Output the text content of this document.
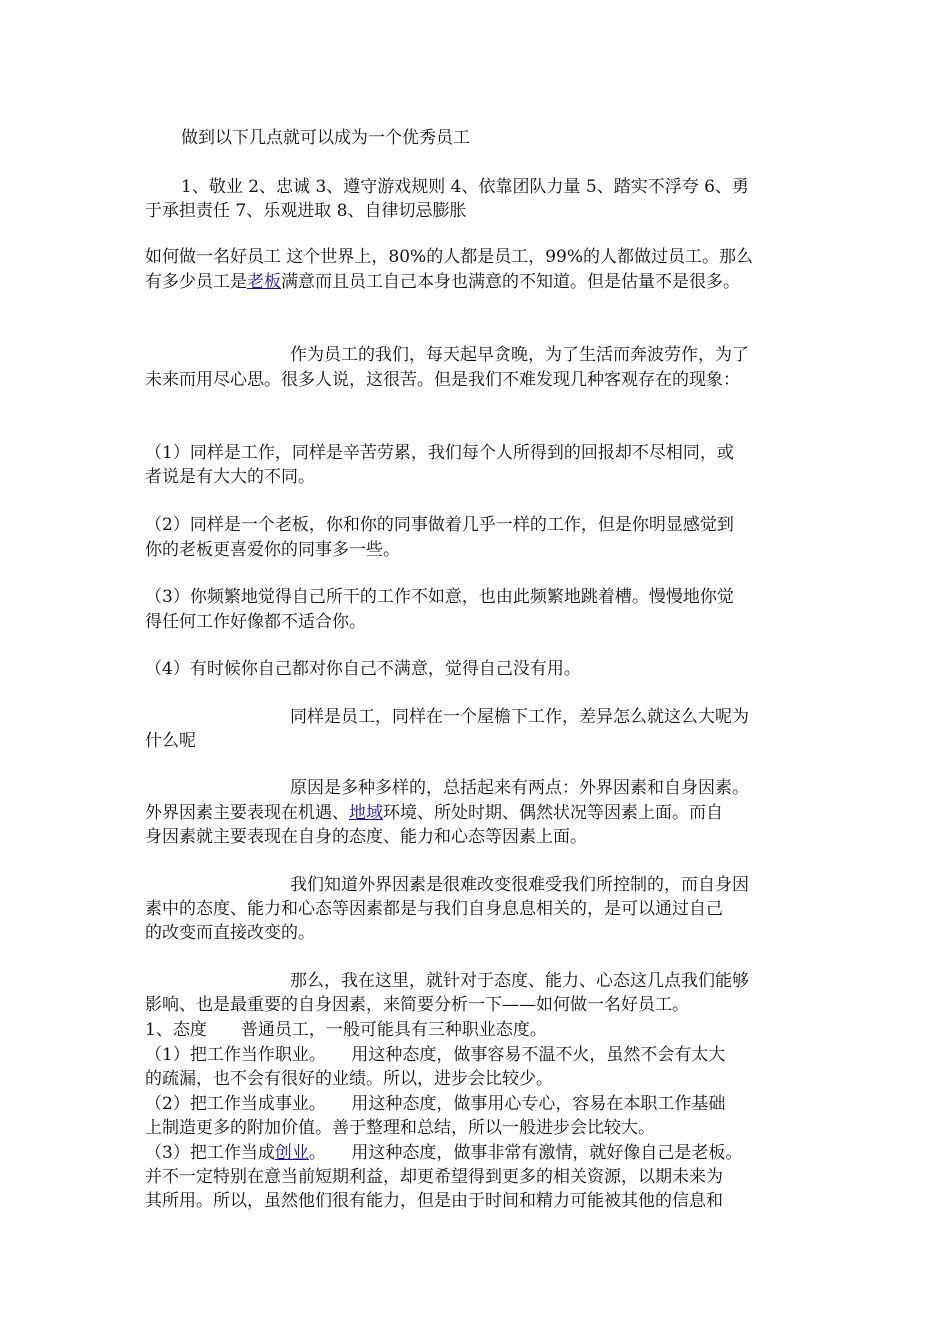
做到以下几点就可以成为一个优秀员工
1、敬业 2、忠诚 3、遵守游戏规则 4、依靠团队力量 5、踏实不浮夸 6、勇
于承担责任 7、乐观进取 8、自律切忌膨胀
如何做一名好员工 这个世界上，80%的人都是员工，99%的人都做过员工。那么
有多少员工是老板满意而且员工自己本身也满意的不知道。但是估量不是很多。
作为员工的我们，每天起早贪晚，为了生活而奔波劳作，为了
未来而用尽心思。很多人说，这很苦。但是我们不难发现几种客观存在的现象：
（1）同样是工作，同样是辛苦劳累，我们每个人所得到的回报却不尽相同，或
者说是有大大的不同。
（2）同样是一个老板，你和你的同事做着几乎一样的工作，但是你明显感觉到
你的老板更喜爱你的同事多一些。
（3）你频繁地觉得自己所干的工作不如意，也由此频繁地跳着槽。慢慢地你觉
得任何工作好像都不适合你。
（4）有时候你自己都对你自己不满意，觉得自己没有用。
同样是员工，同样在一个屋檐下工作，差异怎么就这么大呢为
什么呢
原因是多种多样的，总括起来有两点：外界因素和自身因素。
外界因素主要表现在机遇、地域环境、所处时期、偶然状况等因素上面。而自
身因素就主要表现在自身的态度、能力和心态等因素上面。
我们知道外界因素是很难改变很难受我们所控制的，而自身因
素中的态度、能力和心态等因素都是与我们自身息息相关的，是可以通过自己
的改变而直接改变的。
那么，我在这里，就针对于态度、能力、心态这几点我们能够
影响、也是最重要的自身因素，来简要分析一下——如何做一名好员工。
1、态度　　普通员工，一般可能具有三种职业态度。
（1）把工作当作职业。　　用这种态度，做事容易不温不火，虽然不会有太大
的疏漏，也不会有很好的业绩。所以，进步会比较少。
（2）把工作当成事业。　　用这种态度，做事用心专心，容易在本职工作基础
上制造更多的附加价值。善于整理和总结，所以一般进步会比较大。
（3）把工作当成创业。　　用这种态度，做事非常有激情，就好像自己是老板。
并不一定特别在意当前短期利益，却更希望得到更多的相关资源，以期未来为
其所用。所以，虽然他们很有能力，但是由于时间和精力可能被其他的信息和
